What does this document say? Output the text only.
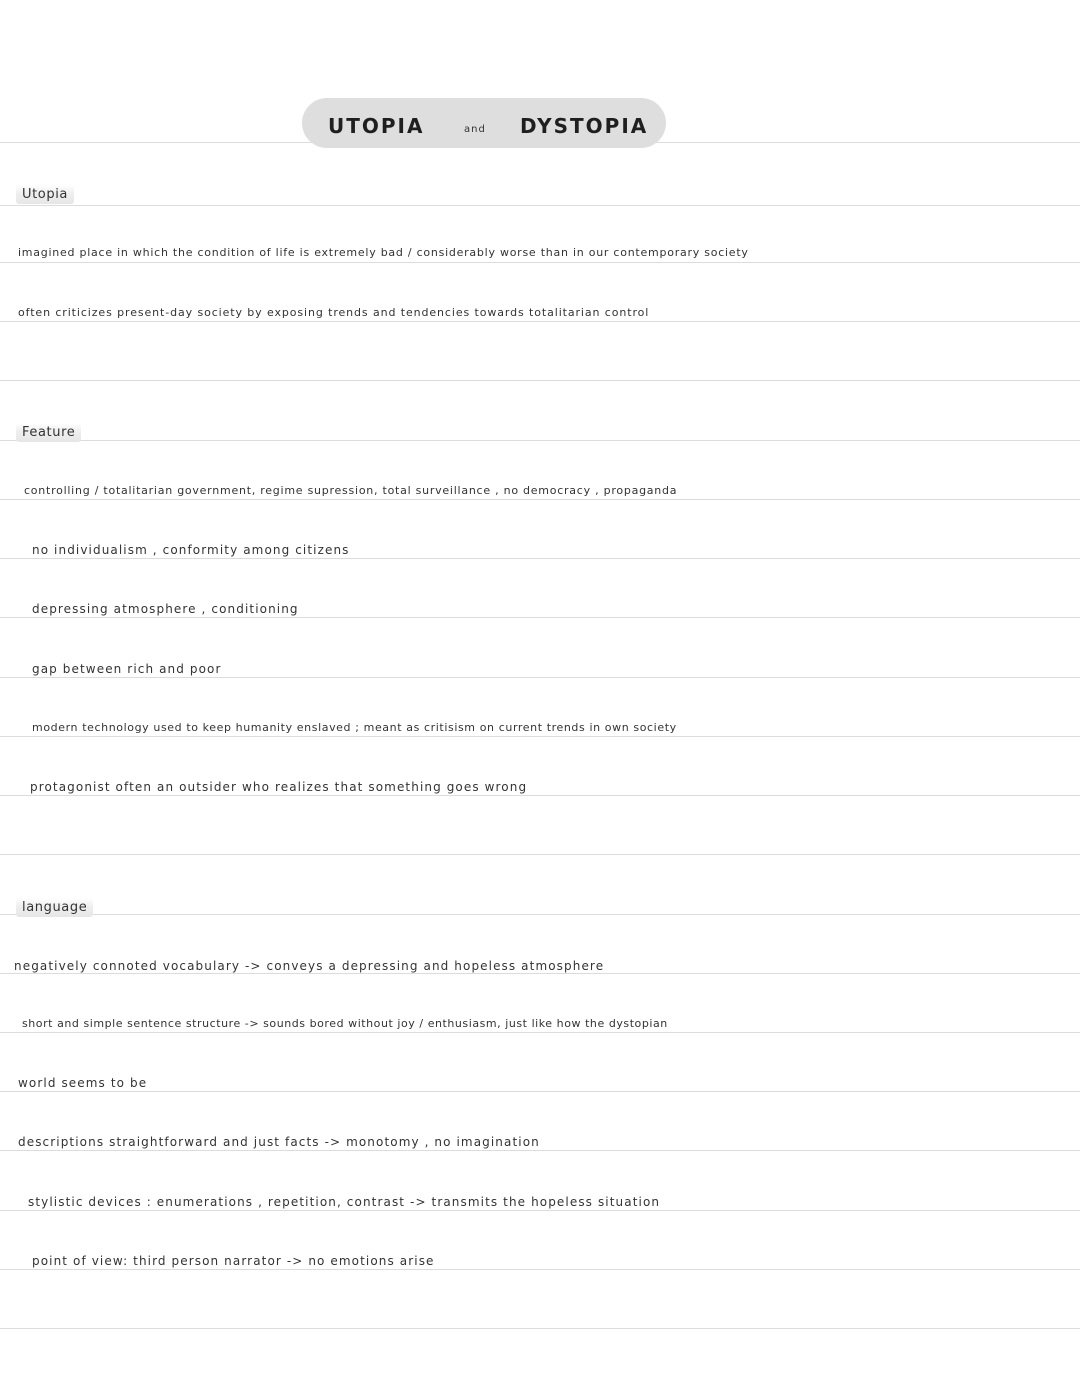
UTOPIA	and DYSTOPIA
Utopia
imagined place in which the condition of life is extremely bad / considerably worse than in our contemporary society
often criticizes present-day society by exposing trends and tendencies towards totalitarian control
Feature
controlling / totalitarian government, regime supression, total surveillance , no democracy , propaganda
no individualism , conformity among citizens
depressing atmosphere , conditioning
gap between rich and poor
modern technology used to keep humanity enslaved ; meant as critisism on current trends in own society
protagonist often an outsider who realizes that something goes wrong
language
negatively connoted vocabulary -> conveys a depressing and hopeless atmosphere
short and simple sentence structure -> sounds bored without joy / enthusiasm, just like how the dystopian
world seems to be
descriptions straightforward and just facts -> monotomy , no imagination
stylistic devices : enumerations , repetition, contrast -> transmits the hopeless situation
point of view: third person narrator -> no emotions arise
